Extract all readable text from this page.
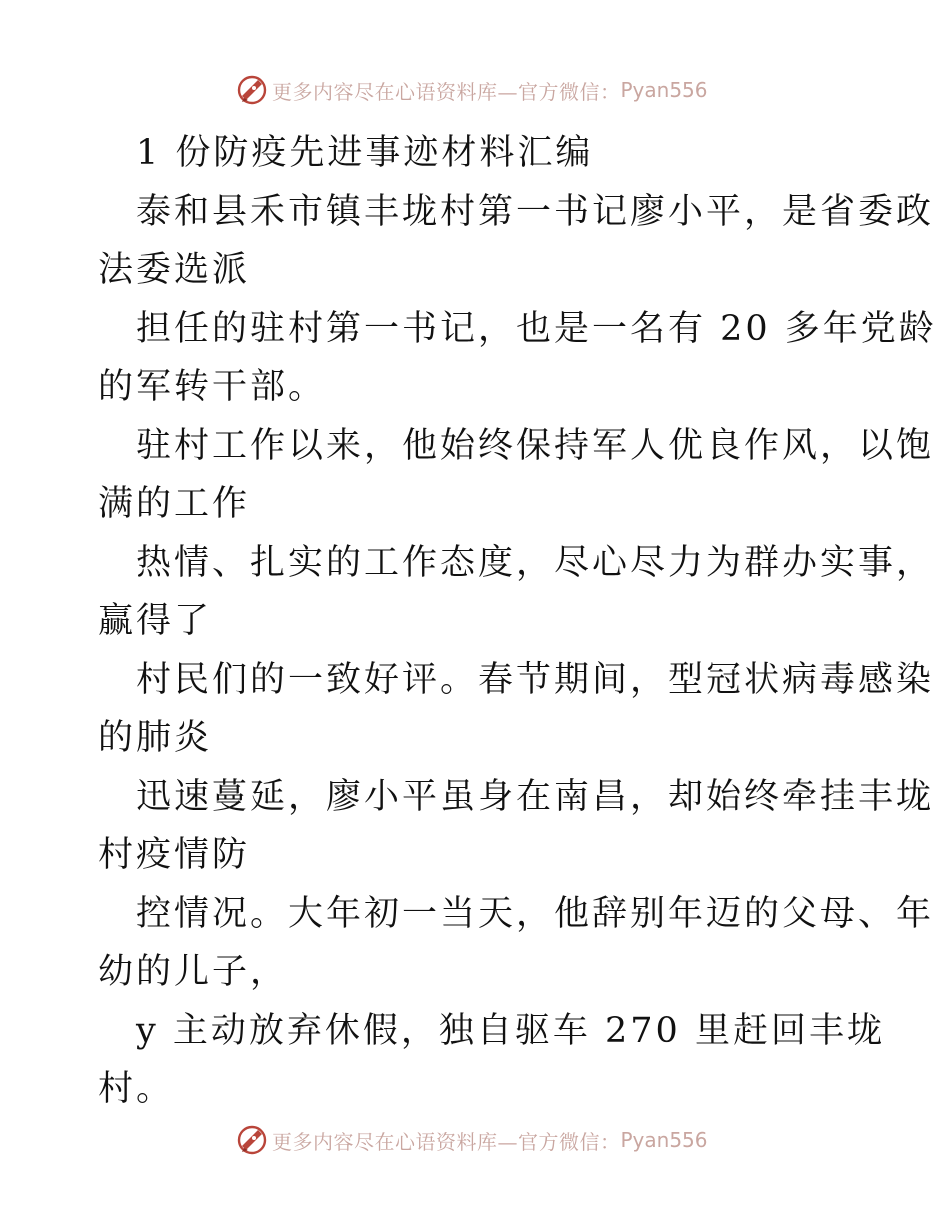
更多内容尽在心语资料库—官方微信： Pyan556
1 份防疫先进事迹材料汇编
泰和县禾市镇丰垅村第一书记廖小平，是省委政
法委选派
担任的驻村第一书记，也是一名有 20 多年党龄
的军转干部。
驻村工作以来，他始终保持军人优良作风，以饱
满的工作
热情、扎实的工作态度，尽心尽力为群办实事，
赢得了
村民们的一致好评。春节期间，型冠状病毒感染
的肺炎
迅速蔓延，廖小平虽身在南昌，却始终牵挂丰垅
村疫情防
控情况。大年初一当天，他辞别年迈的父母、年
幼的儿子，
y 主动放弃休假，独自驱车 270 里赶回丰垅
村。
更多内容尽在心语资料库—官方微信： Pyan556
